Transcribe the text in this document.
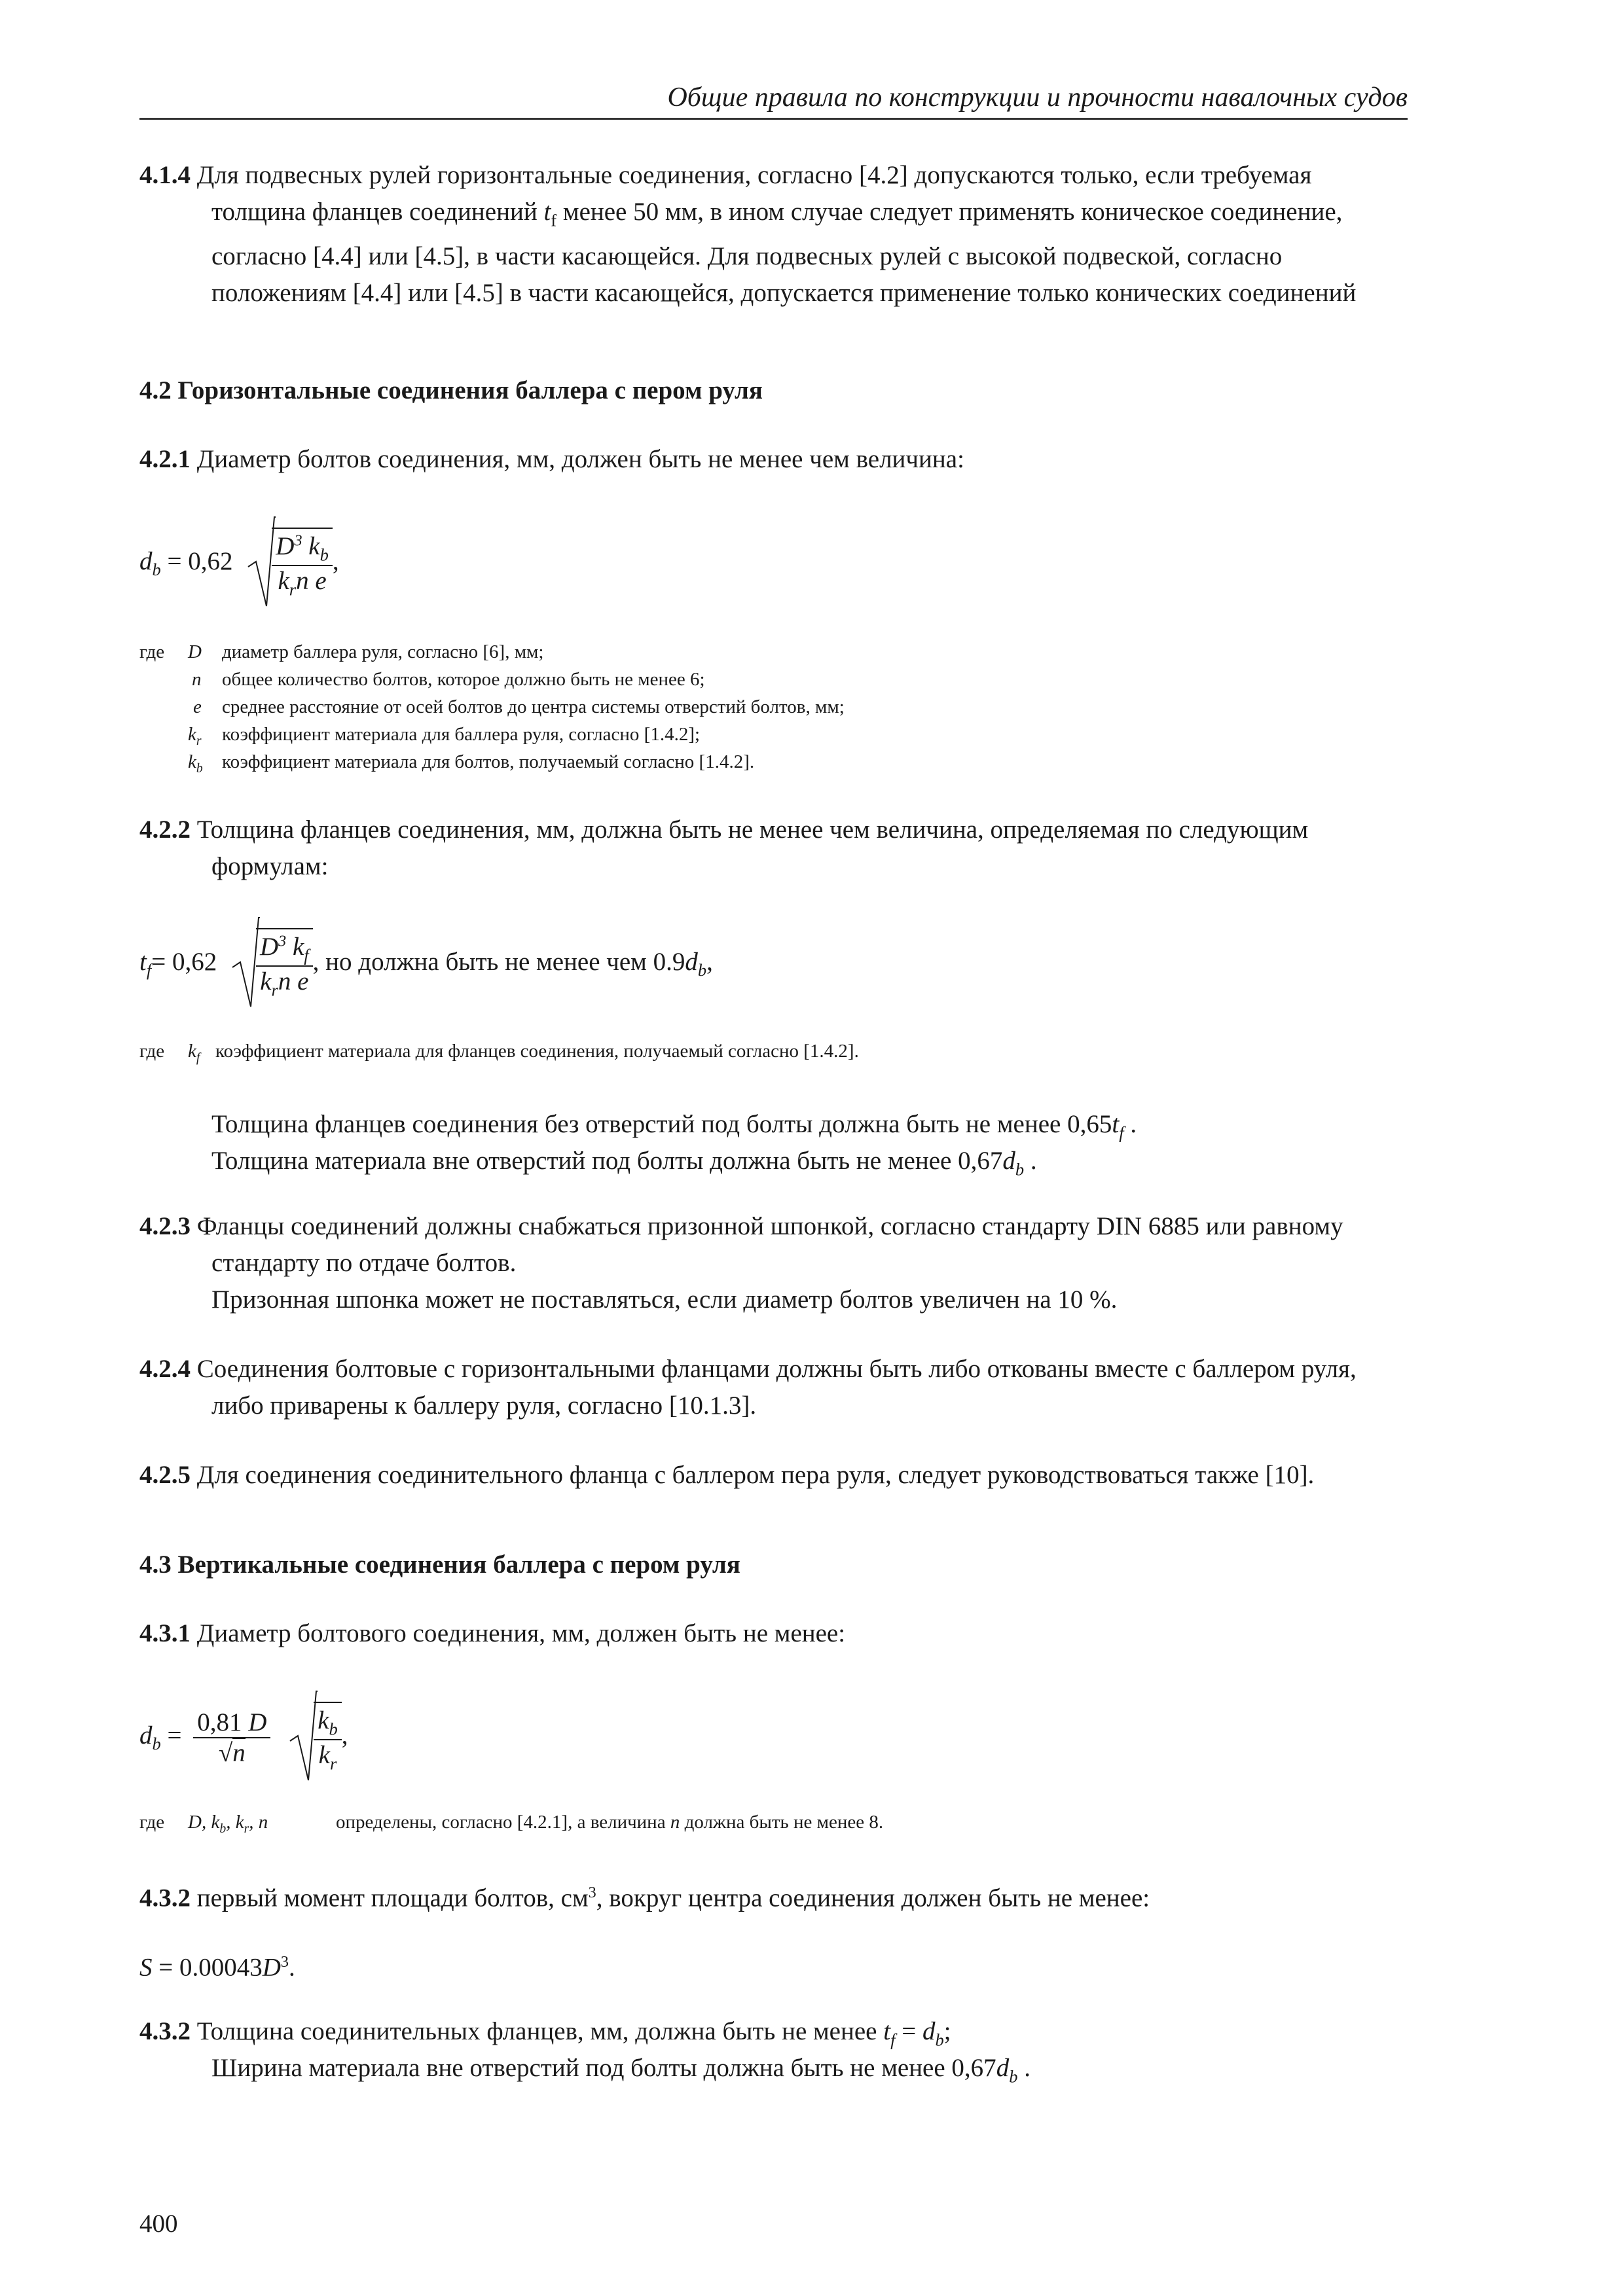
Общие правила по конструкции и прочности навалочных судов
4.1.4 Для подвесных рулей горизонтальные соединения, согласно [4.2] допускаются только, если требуемая толщина фланцев соединений $t_f$ менее 50 мм, в ином случае следует применять коническое соединение, согласно [4.4] или [4.5], в части касающейся. Для подвесных рулей с высокой подвеской, согласно положениям [4.4] или [4.5] в части касающейся, допускается применение только конических соединений
4.2 Горизонтальные соединения баллера с пером руля
4.2.1 Диаметр болтов соединения, мм, должен быть не менее чем величина:
$d_b = 0,62 \frac{D^3 k_b}{k_rn e}$ ,
где D диаметр баллера руля, согласно [6], мм;
n общее количество болтов, которое должно быть не менее 6;
e среднее расстояние от осей болтов до центра системы отверстий болтов, мм;
$k_r$ коэффициент материала для баллера руля, согласно [1.4.2];
$k_b$ коэффициент материала для болтов, получаемый согласно [1.4.2].
4.2.2 Толщина фланцев соединения, мм, должна быть не менее чем величина, определяемая по следующим формулам:
$t_f= 0,62 \frac{D^3 k_f}{k_rn e}$ , но должна быть не менее чем $0.9d_b$,
где $k_f$ коэффициент материала для фланцев соединения, получаемый согласно [1.4.2].
Толщина фланцев соединения без отверстий под болты должна быть не менее $0,65t_f$ .
Толщина материала вне отверстий под болты должна быть не менее $0,67d_b$ .
4.2.3 Фланцы соединений должны снабжаться призонной шпонкой, согласно стандарту DIN 6885 или равному стандарту по отдаче болтов.
Призонная шпонка может не поставляться, если диаметр болтов увеличен на 10 %.
4.2.4 Соединения болтовые с горизонтальными фланцами должны быть либо откованы вместе с баллером руля, либо приварены к баллеру руля, согласно [10.1.3].
4.2.5 Для соединения соединительного фланца с баллером пера руля, следует руководствоваться также [10].
4.3 Вертикальные соединения баллера с пером руля
4.3.1 Диаметр болтового соединения, мм, должен быть не менее:
$d_b = \frac{0,81 D}{√n}$
$\frac{k_b}{k_r}$ ,
где D, $k_b$, $k_r$, n	определены, согласно [4.2.1], а величина n должна быть не менее 8.
4.3.2 первый момент площади болтов, $см^3$, вокруг центра соединения должен быть не менее:
$S = 0.00043D^3$.
4.3.2 Толщина соединительных фланцев, мм, должна быть не менее $t_f = d_b$;
Ширина материала вне отверстий под болты должна быть не менее $0,67d_b$ .
400
